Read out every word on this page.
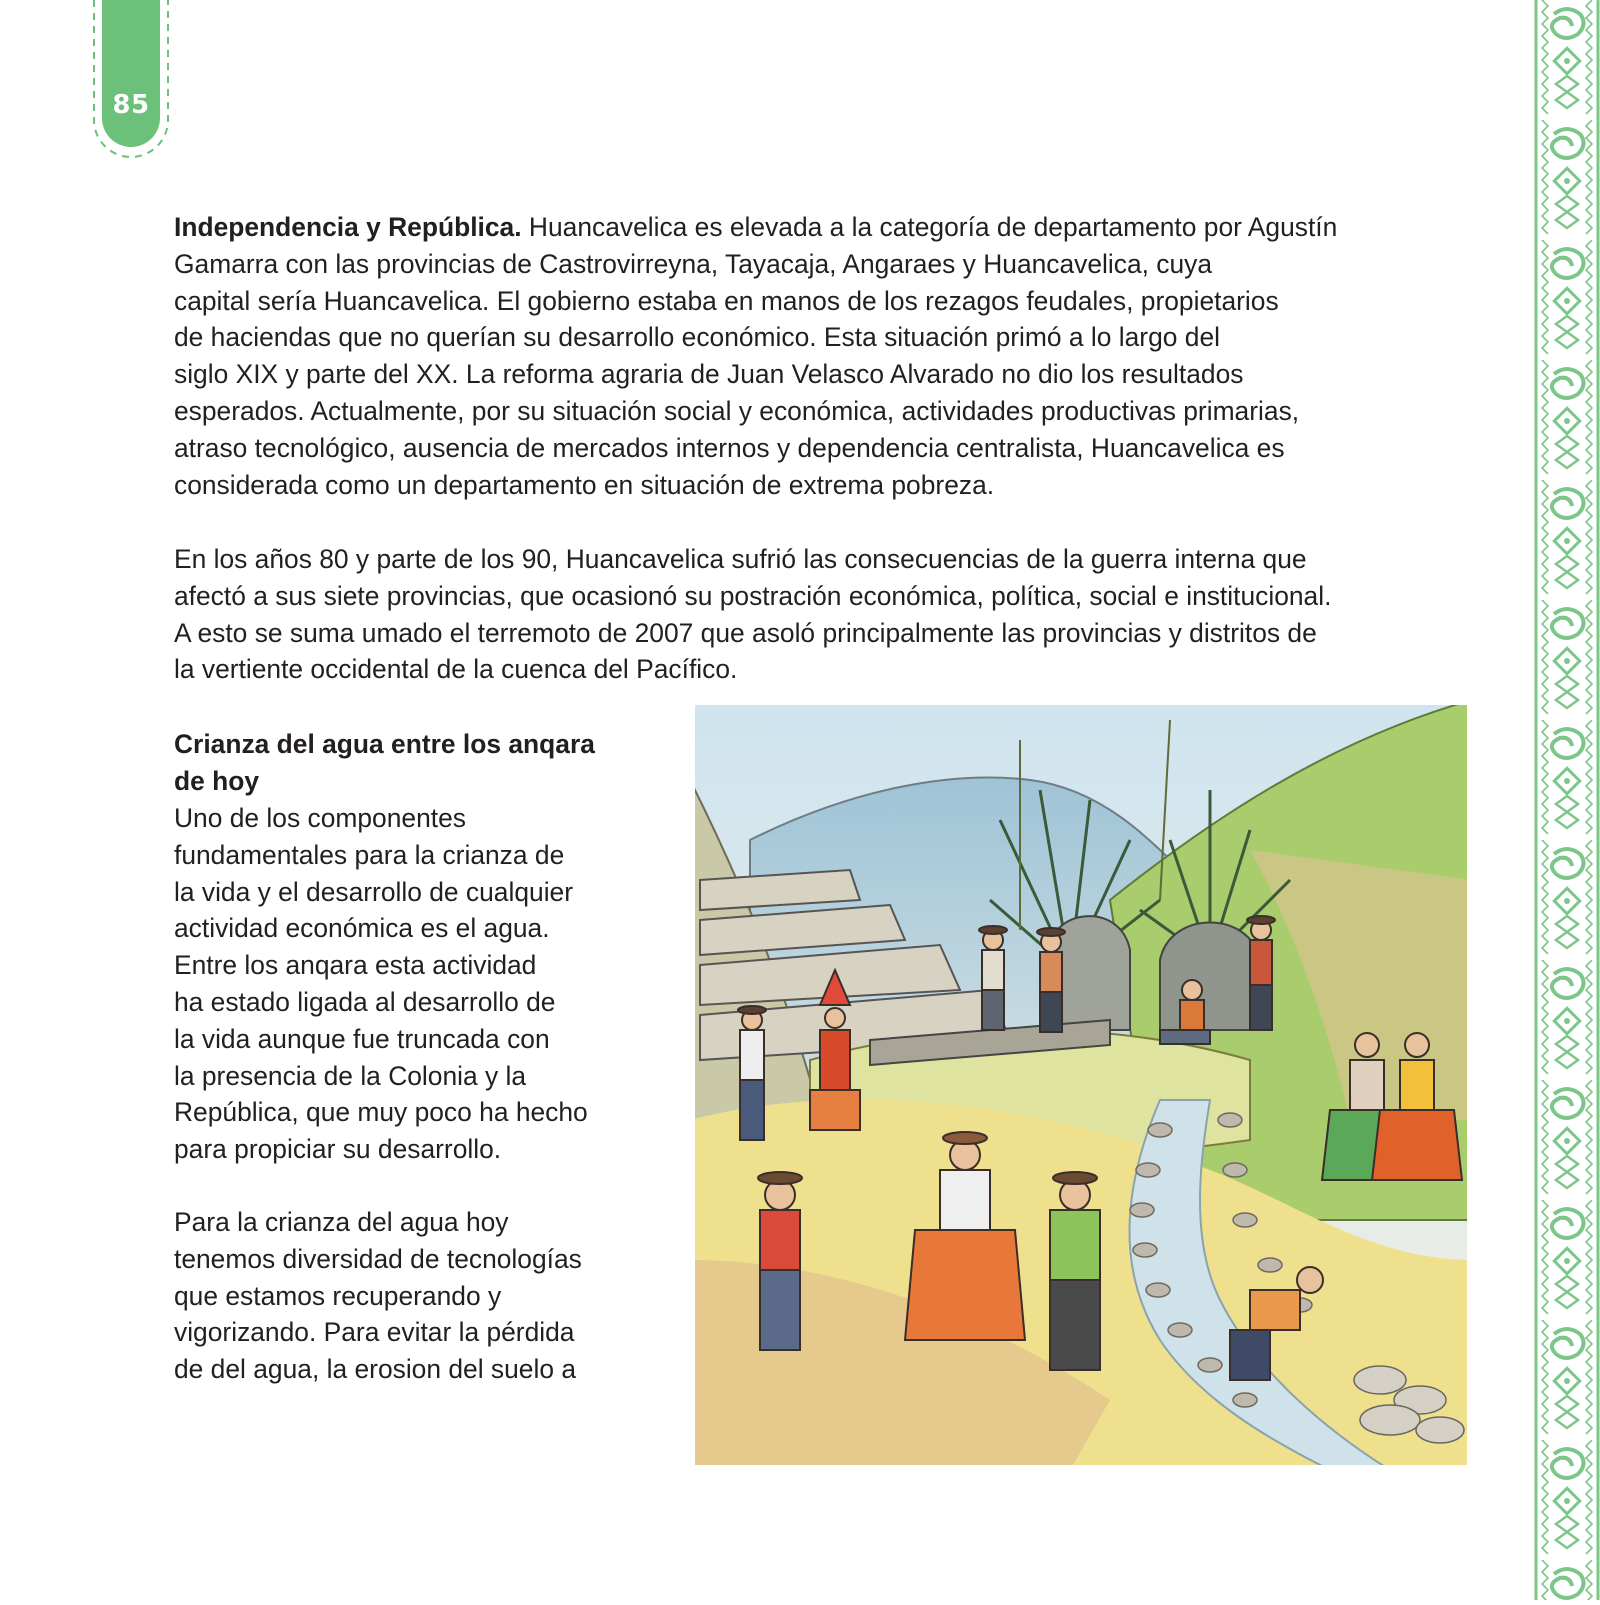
85

Independencia y República. Huancavelica es elevada a la categoría de departamento por Agustín
Gamarra con las provincias de Castrovirreyna, Tayacaja, Angaraes y Huancavelica, cuya
capital sería Huancavelica. El gobierno estaba en manos de los rezagos feudales, propietarios
de haciendas que no querían su desarrollo económico. Esta situación primó a lo largo del
siglo XIX y parte del XX. La reforma agraria de Juan Velasco Alvarado no dio los resultados
esperados. Actualmente, por su situación social y económica, actividades productivas primarias,
atraso tecnológico, ausencia de mercados internos y dependencia centralista, Huancavelica es
considerada como un departamento en situación de extrema pobreza.

En los años 80 y parte de los 90, Huancavelica sufrió las consecuencias de la guerra interna que
afectó a sus siete provincias, que ocasionó su postración económica, política, social e institucional.
A esto se suma umado el terremoto de 2007 que asoló principalmente las provincias y distritos de
la vertiente occidental de la cuenca del Pacífico.

Crianza del agua entre los anqara
de hoy

Uno de los componentes
fundamentales para la crianza de
la vida y el desarrollo de cualquier
actividad económica es el agua.
Entre los anqara esta actividad
ha estado ligada al desarrollo de
la vida aunque fue truncada con
la presencia de la Colonia y la
República, que muy poco ha hecho
para propiciar su desarrollo.

Para la crianza del agua hoy
tenemos diversidad de tecnologías
que estamos recuperando y
vigorizando. Para evitar la pérdida
de del agua, la erosion del suelo a
